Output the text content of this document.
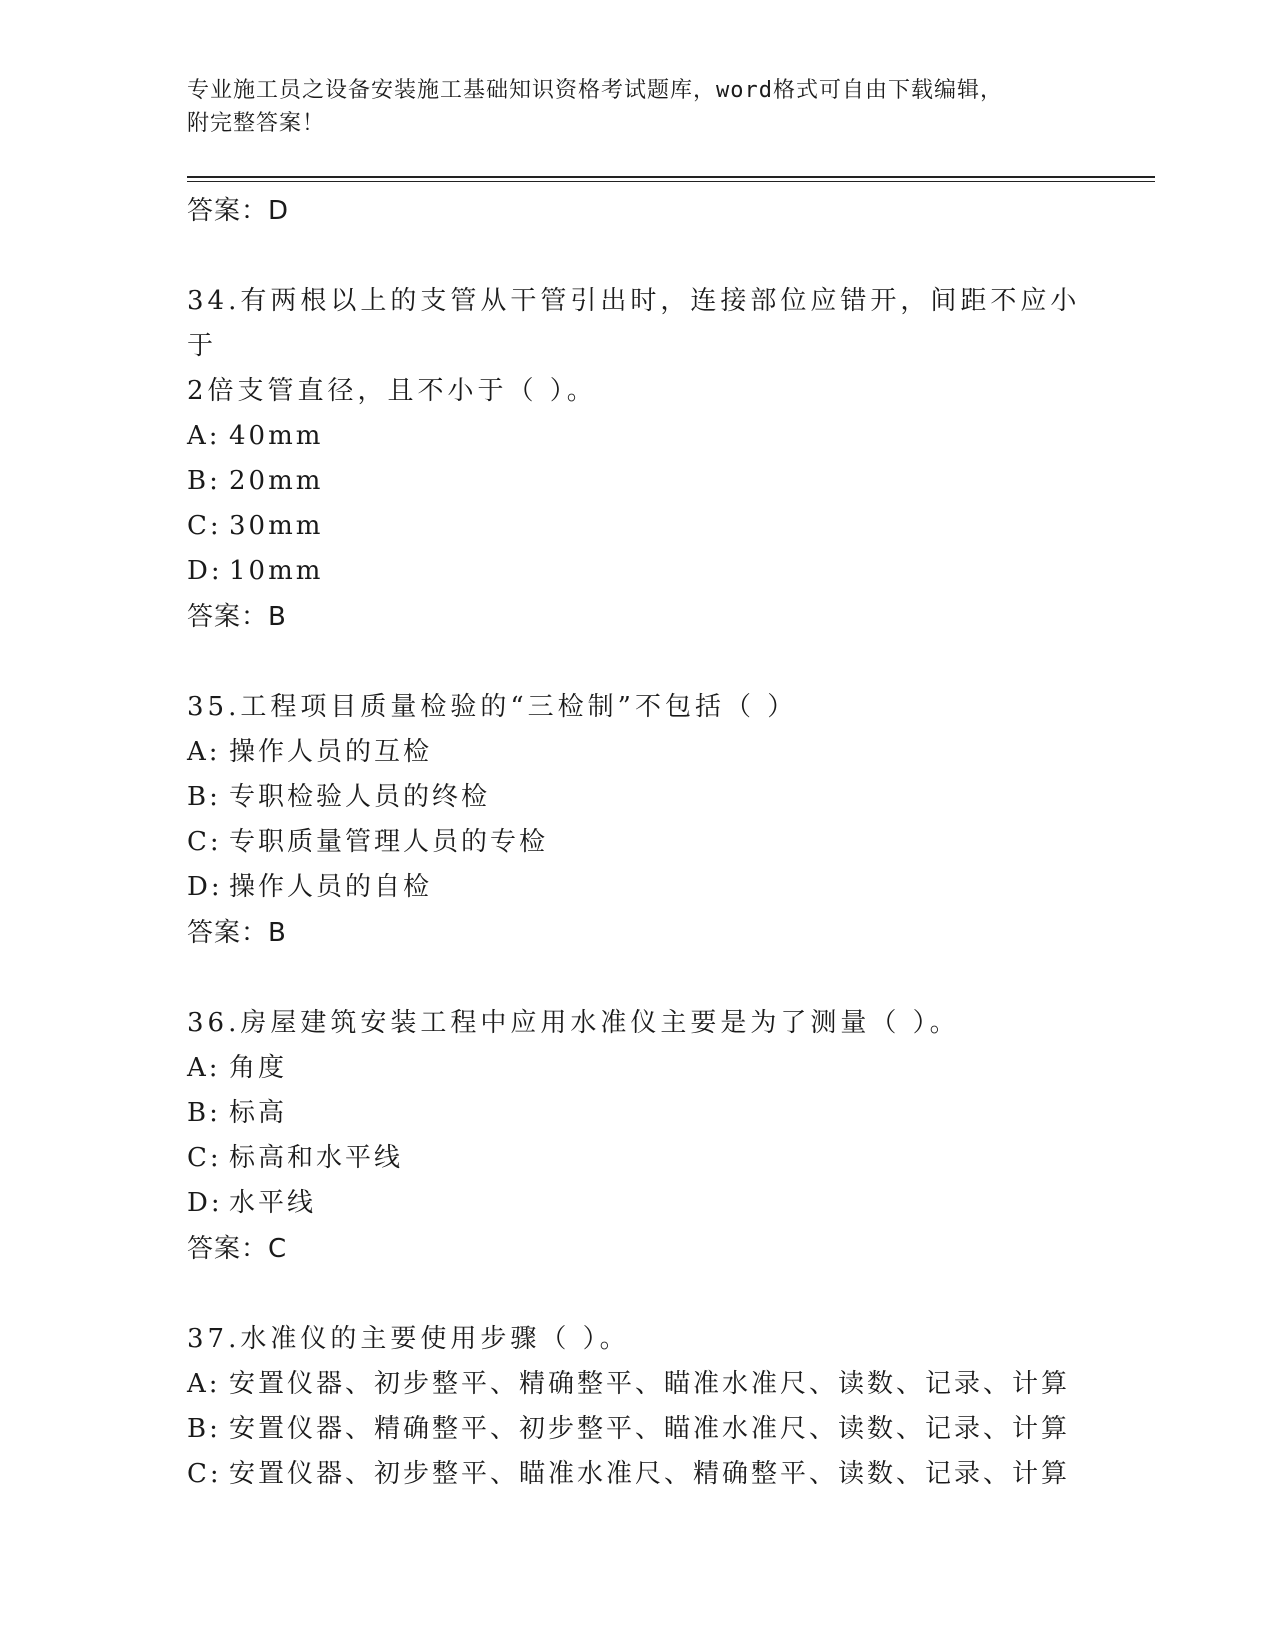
专业施工员之设备安装施工基础知识资格考试题库，word格式可自由下载编辑，
附完整答案！
答案：D
34.有两根以上的支管从干管引出时，连接部位应错开，间距不应小于
2倍支管直径，且不小于（ ）。
A: 40mm
B: 20mm
C: 30mm
D: 10mm
答案：B
35.工程项目质量检验的“三检制”不包括（ ）
A: 操作人员的互检
B: 专职检验人员的终检
C: 专职质量管理人员的专检
D: 操作人员的自检
答案：B
36.房屋建筑安装工程中应用水准仪主要是为了测量（ ）。
A: 角度
B: 标高
C: 标高和水平线
D: 水平线
答案：C
37.水准仪的主要使用步骤（ ）。
A: 安置仪器、初步整平、精确整平、瞄准水准尺、读数、记录、计算
B: 安置仪器、精确整平、初步整平、瞄准水准尺、读数、记录、计算
C: 安置仪器、初步整平、瞄准水准尺、精确整平、读数、记录、计算
